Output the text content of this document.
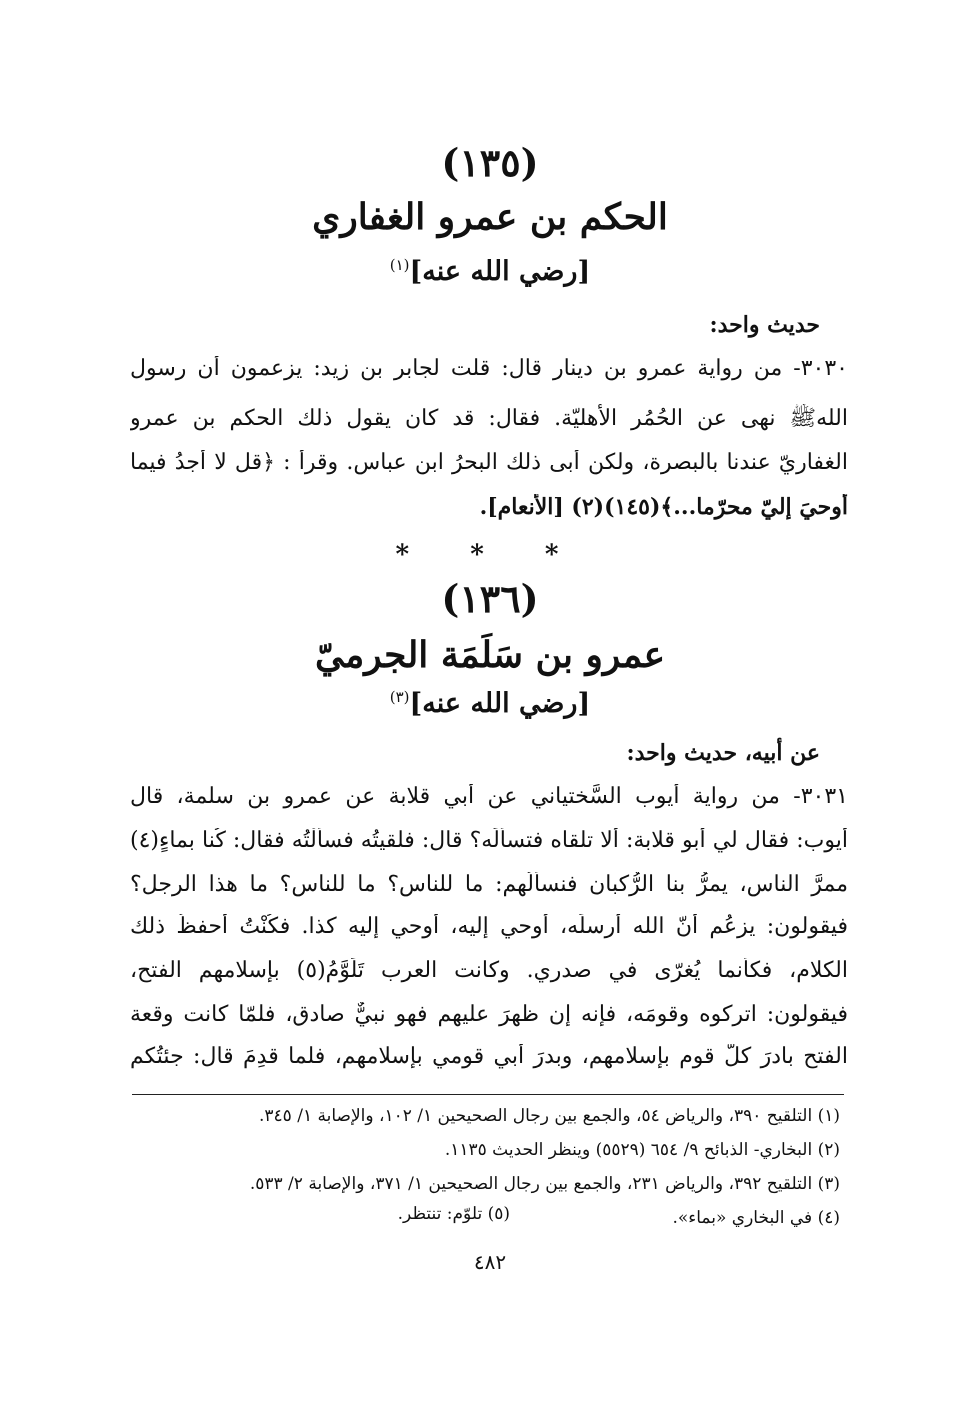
(١٣٥)
الحكم بن عمرو الغفاري
[رضي الله عنه]$^{(١)}$
حديث واحد:
٣٠٣٠- من رواية عمرو بن دينار قال: قلت لجابر بن زيد: يزعمون أن رسول
اللهﷺ نهى عن الحُمُر الأهليّة. فقال: قد كان يقول ذلك الحكم بن عمرو
الغفاريّ عندنا بالبصرة، ولكن أبى ذلك البحرُ ابن عباس. وقرأ : ﴿قل لا أجدُ فيما
أُوحيَ إليّ محرّما...﴾(١٤٥)(٢) [الأنعام].
* * *
(١٣٦)
عمرو بن سَلَمَة الجرميّ
[رضي الله عنه]$^{(٣)}$
عن أبيه، حديث واحد:
٣٠٣١- من رواية أيوب السَّختياني عن أبي قلابة عن عمرو بن سلمة، قال
أيوب: فقال لي أبو قلابة: ألا تلقاه فتسألَه؟ قال: فلقيتُه فسألْتُه فقال: كُنا بماءٍ(٤)
ممرَّ الناس، يمرُّ بنا الرُّكبان فنسألُهم: ما للناس؟ ما للناس؟ ما هذا الرجل؟
فيقولون: يزعُم أنّ الله أرسلَه، أُوحي إليه، أُوحي إليه كذا. فكُنْتُ أحفظُ ذلك
الكلام، فكأنما يُغرّى في صدري. وكانت العرب تَلَوَّمُ(٥) بإسلامهم الفتح،
فيقولون: اتركوه وقومَه، فإنه إن ظهرَ عليهم فهو نبيٌّ صادق، فلمّا كانت وقعة
الفتح بادرَ كلُّ قوم بإسلامهم، وبدرَ أبي قومي بإسلامهم، فلما قدِمَ قال: جئتُكم
(١) التلقيح ٣٩٠، والرياض ٥٤، والجمع بين رجال الصحيحين ١/ ١٠٢، والإصابة ١/ ٣٤٥.
(٢) البخاري- الذبائح ٩/ ٦٥٤ (٥٥٢٩) وينظر الحديث ١١٣٥.
(٣) التلقيح ٣٩٢، والرياض ٢٣١، والجمع بين رجال الصحيحين ١/ ٣٧١، والإصابة ٢/ ٥٣٣.
(٤) في البخاري «بماء».
(٥) تلوّم: تنتظر.
٤٨٢
